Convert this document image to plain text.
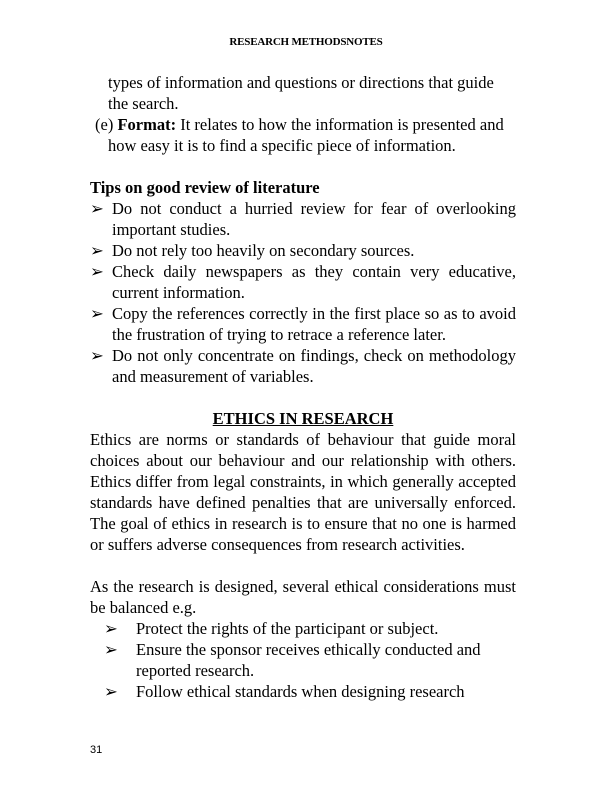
RESEARCH METHODSNOTES

types of information and questions or directions that guide the search.

(e) Format: It relates to how the information is presented and how easy it is to find a specific piece of information.

Tips on good review of literature

➢ Do not conduct a hurried review for fear of overlooking important studies.
➢ Do not rely too heavily on secondary sources.
➢ Check daily newspapers as they contain very educative, current information.
➢ Copy the references correctly in the first place so as to avoid the frustration of trying to retrace a reference later.
➢ Do not only concentrate on findings, check on methodology and measurement of variables.

ETHICS IN RESEARCH

Ethics are norms or standards of behaviour that guide moral choices about our behaviour and our relationship with others. Ethics differ from legal constraints, in which generally accepted standards have defined penalties that are universally enforced. The goal of ethics in research is to ensure that no one is harmed or suffers adverse consequences from research activities.

As the research is designed, several ethical considerations must be balanced e.g.

➢ Protect the rights of the participant or subject.
➢ Ensure the sponsor receives ethically conducted and reported research.
➢ Follow ethical standards when designing research
31
